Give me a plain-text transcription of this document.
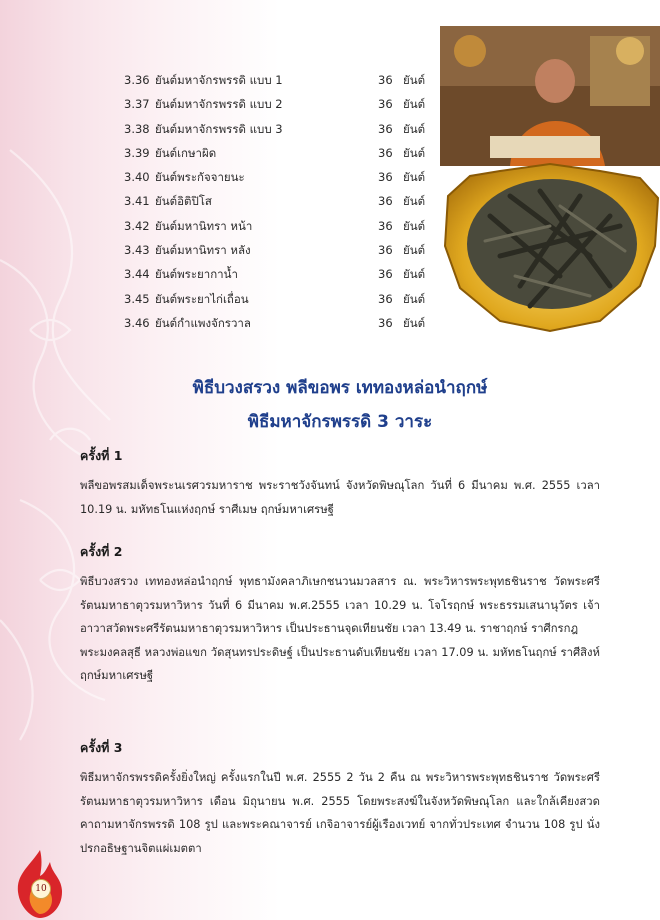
3.36 ยันต์มหาจักรพรรดิ แบบ 1	36 ยันต์
3.37 ยันต์มหาจักรพรรดิ แบบ 2	36 ยันต์
3.38 ยันต์มหาจักรพรรดิ แบบ 3	36 ยันต์
3.39 ยันต์เกษาผิด	36 ยันต์
3.40 ยันต์พระกัจจายนะ	36 ยันต์
3.41 ยันต์อิติปิโส	36 ยันต์
3.42 ยันต์มหานิทรา หน้า	36 ยันต์
3.43 ยันต์มหานิทรา หลัง	36 ยันต์
3.44 ยันต์พระยากาน้ำ	36 ยันต์
3.45 ยันต์พระยาไก่เถื่อน	36 ยันต์
3.46 ยันต์กำแพงจักรวาล	36 ยันต์
พิธีบวงสรวง พลีขอพร เททองหล่อนำฤกษ์
พิธีมหาจักรพรรดิ 3 วาระ
ครั้งที่ 1

พลีขอพรสมเด็จพระนเรศวรมหาราช พระราชวังจันทน์ จังหวัดพิษณุโลก วันที่ 6 มีนาคม พ.ศ. 2555 เวลา 10.19 น. มหัทธโนแห่งฤกษ์ ราศีเมษ ฤกษ์มหาเศรษฐี

ครั้งที่ 2

พิธีบวงสรวง เททองหล่อนำฤกษ์ พุทธามังคลาภิเษกชนวนมวลสาร ณ. พระวิหารพระพุทธชินราช วัดพระศรีรัตนมหาธาตุวรมหาวิหาร วันที่ 6 มีนาคม พ.ศ.2555 เวลา 10.29 น. โจโรฤกษ์ พระธรรมเสนานุวัตร เจ้าอาวาสวัดพระศรีรัตนมหาธาตุวรมหาวิหาร เป็นประธานจุดเทียนชัย เวลา 13.49 น. ราชาฤกษ์ ราศีกรกฎ

พระมงคลสุธี หลวงพ่อแขก วัดสุนทรประดิษฐ์ เป็นประธานดับเทียนชัย เวลา 17.09 น. มหัทธโนฤกษ์ ราศีสิงห์ ฤกษ์มหาเศรษฐี

ครั้งที่ 3

พิธีมหาจักรพรรดิครั้งยิ่งใหญ่ ครั้งแรกในปี พ.ศ. 2555 2 วัน 2 คืน ณ พระวิหารพระพุทธชินราช วัดพระศรีรัตนมหาธาตุวรมหาวิหาร เดือน มิถุนายน พ.ศ. 2555 โดยพระสงฆ์ในจังหวัดพิษณุโลก และใกล้เคียงสวดคาถามหาจักรพรรดิ 108 รูป และพระคณาจารย์ เกจิอาจารย์ผู้เรืองเวทย์ จากทั่วประเทศ จำนวน 108 รูป นั่งปรกอธิษฐานจิตแผ่เมตตา

10
